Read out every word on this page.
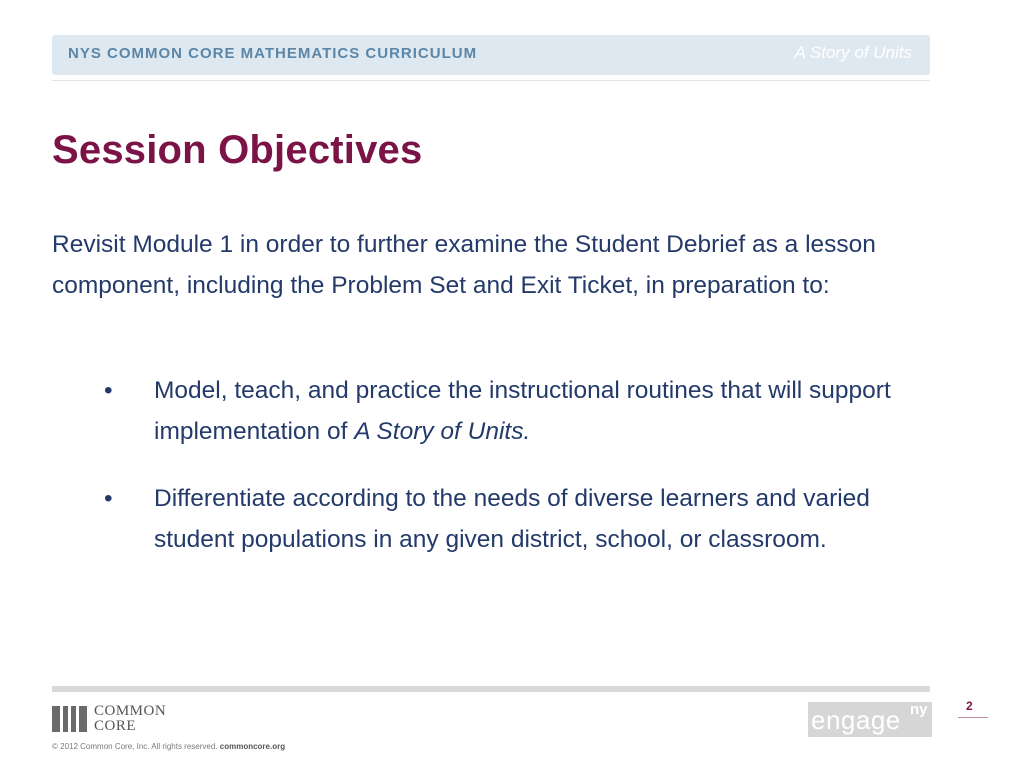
NYS COMMON CORE MATHEMATICS CURRICULUM	A Story of Units
Session Objectives

Revisit Module 1 in order to further examine the Student Debrief as a lesson component, including the Problem Set and Exit Ticket, in preparation to:

• Model, teach, and practice the instructional routines that will support implementation of A Story of Units.
• Differentiate according to the needs of diverse learners and varied student populations in any given district, school, or classroom.
COMMON
CORE
© 2012 Common Core, Inc. All rights reserved. commoncore.org
engage ny	2
